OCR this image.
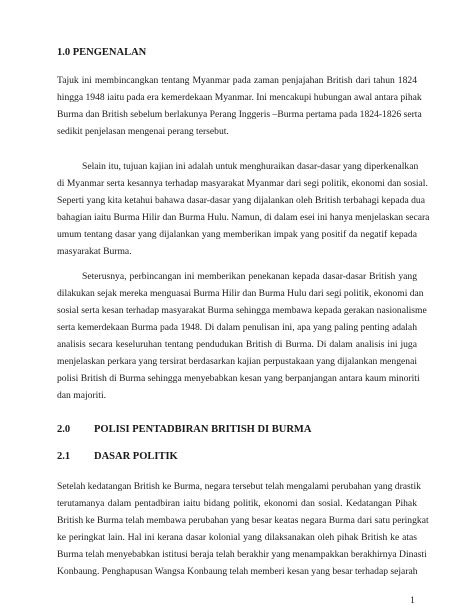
1.0 PENGENALAN
Tajuk ini membincangkan tentang Myanmar pada zaman penjajahan British dari tahun 1824
hingga 1948 iaitu pada era kemerdekaan Myanmar. Ini mencakupi hubungan awal antara pihak
Burma dan British sebelum berlakunya Perang Inggeris –Burma pertama pada 1824-1826 serta
sedikit penjelasan mengenai perang tersebut.
Selain itu, tujuan kajian ini adalah untuk menghuraikan dasar-dasar yang diperkenalkan
di Myanmar serta kesannya terhadap masyarakat Myanmar dari segi politik, ekonomi dan sosial.
Seperti yang kita ketahui bahawa dasar-dasar yang dijalankan oleh British terbahagi kepada dua
bahagian iaitu Burma Hilir dan Burma Hulu. Namun, di dalam esei ini hanya menjelaskan secara
umum tentang dasar yang dijalankan yang memberikan impak yang positif da negatif kepada
masyarakat Burma.
Seterusnya, perbincangan ini memberikan penekanan kepada dasar-dasar British yang
dilakukan sejak mereka menguasai Burma Hilir dan Burma Hulu dari segi politik, ekonomi dan
sosial serta kesan terhadap masyarakat Burma sehingga membawa kepada gerakan nasionalisme
serta kemerdekaan Burma pada 1948. Di dalam penulisan ini, apa yang paling penting adalah
analisis secara keseluruhan tentang pendudukan British di Burma. Di dalam analisis ini juga
menjelaskan perkara yang tersirat berdasarkan kajian perpustakaan yang dijalankan mengenai
polisi British di Burma sehingga menyebabkan kesan yang berpanjangan antara kaum minoriti
dan majoriti.
2.0 POLISI PENTADBIRAN BRITISH DI BURMA
2.1 DASAR POLITIK
Setelah kedatangan British ke Burma, negara tersebut telah mengalami perubahan yang drastik
terutamanya dalam pentadbiran iaitu bidang politik, ekonomi dan sosial. Kedatangan Pihak
British ke Burma telah membawa perubahan yang besar keatas negara Burma dari satu peringkat
ke peringkat lain. Hal ini kerana dasar kolonial yang dilaksanakan oleh pihak British ke atas
Burma telah menyebabkan istitusi beraja telah berakhir yang menampakkan berakhirnya Dinasti
Konbaung. Penghapusan Wangsa Konbaung telah memberi kesan yang besar terhadap sejarah
1
